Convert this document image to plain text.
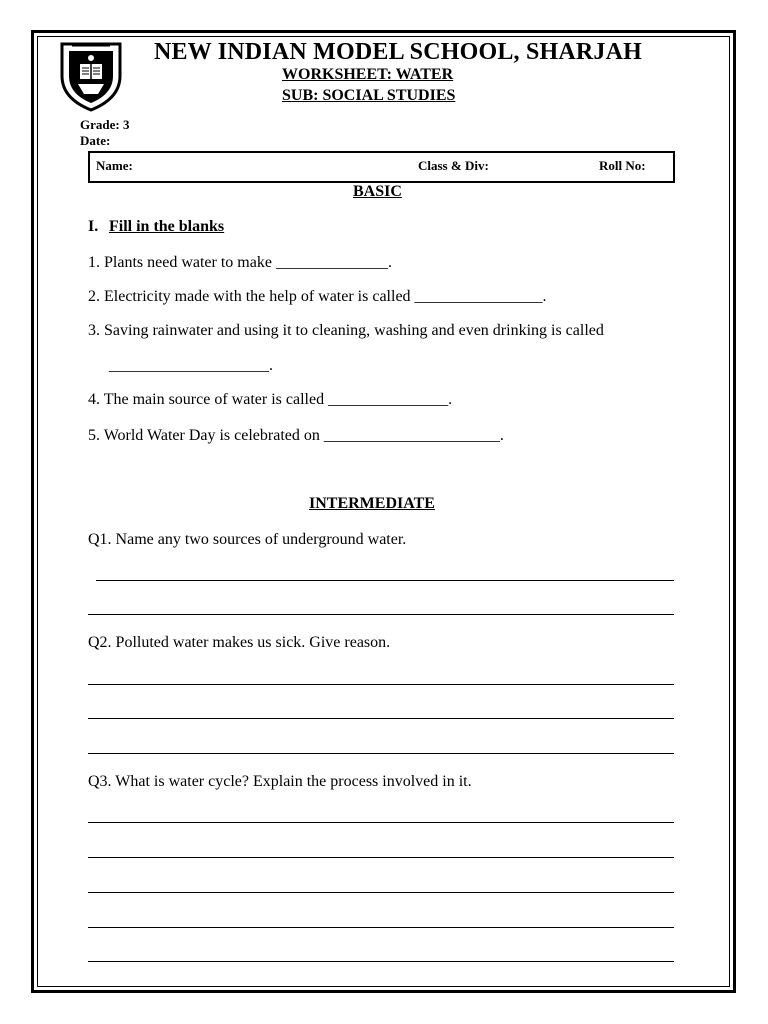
NEW INDIAN MODEL SCHOOL, SHARJAH
WORKSHEET: WATER
SUB: SOCIAL STUDIES
Grade: 3
Date:
Name:	Class & Div:	Roll No:
BASIC
I. Fill in the blanks
1. Plants need water to make ______________.
2. Electricity made with the help of water is called ________________.
3. Saving rainwater and using it to cleaning, washing and even drinking is called
____________________.
4. The main source of water is called _______________.
5. World Water Day is celebrated on ______________________.
INTERMEDIATE
Q1. Name any two sources of underground water.
Q2. Polluted water makes us sick. Give reason.
Q3. What is water cycle? Explain the process involved in it.
